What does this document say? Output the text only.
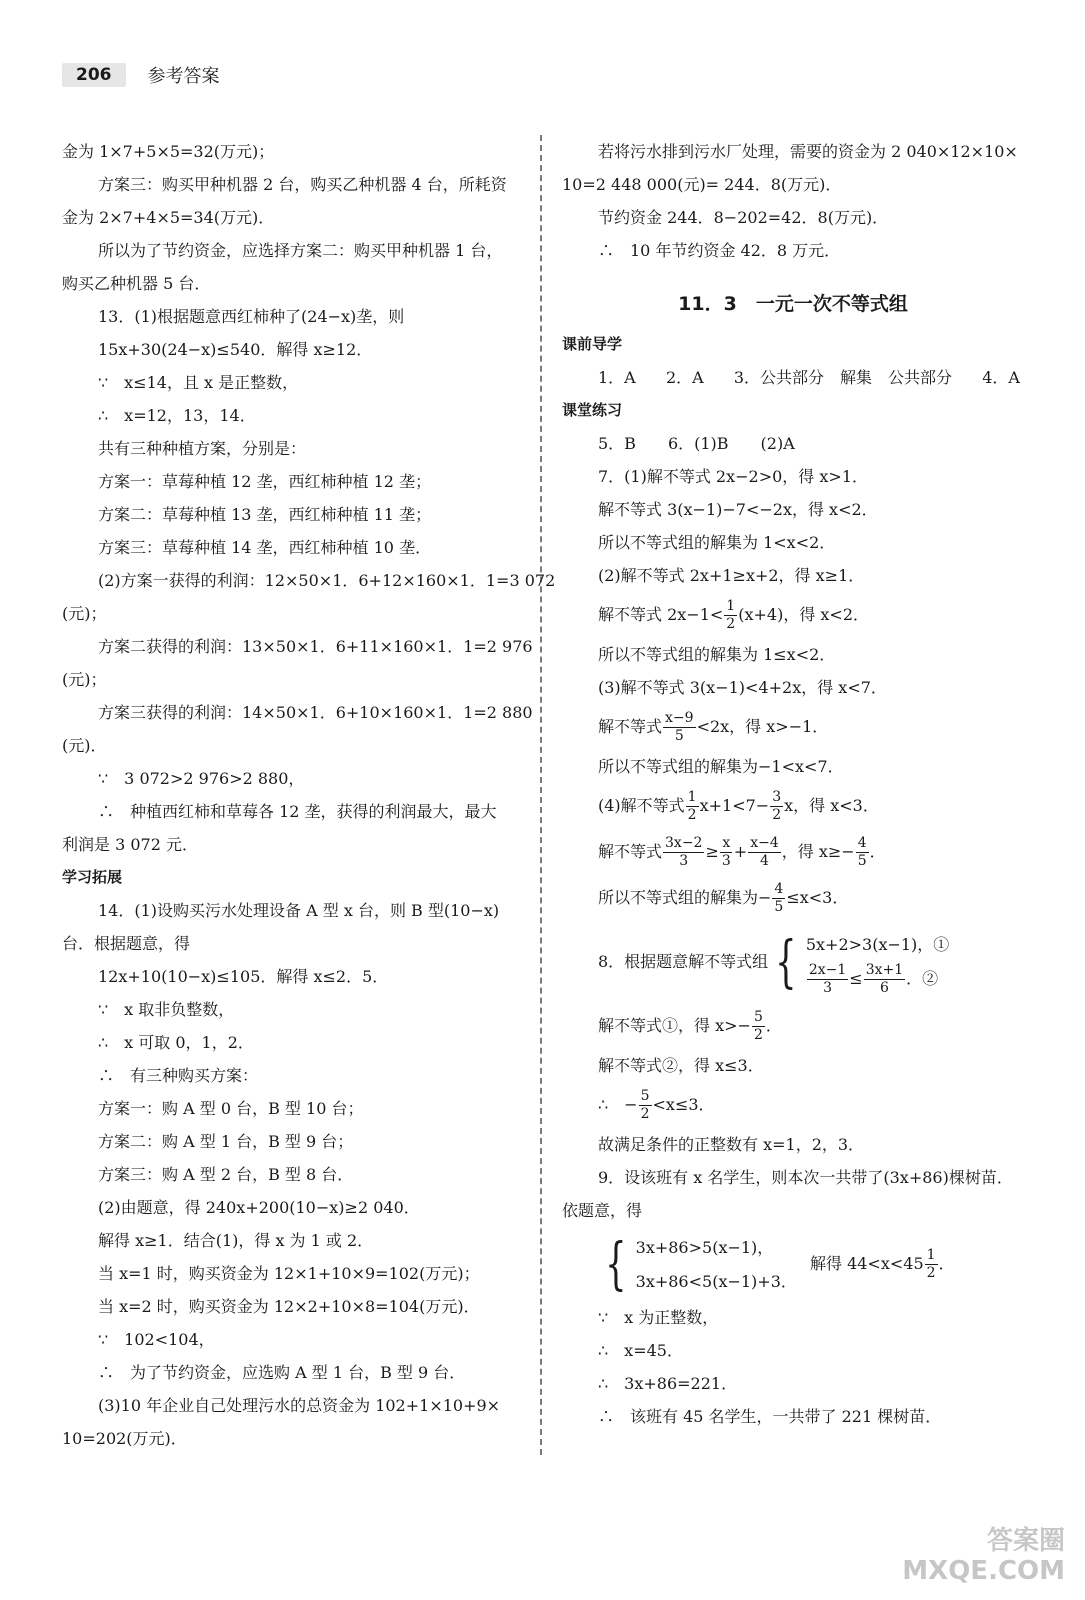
206	参考答案
金为 1×7+5×5=32(万元)；
方案三：购买甲种机器 2 台，购买乙种机器 4 台，所耗资
金为 2×7+4×5=34(万元)．
所以为了节约资金，应选择方案二：购买甲种机器 1 台，
购买乙种机器 5 台．
13．(1)根据题意西红柿种了(24−x)垄，则
15x+30(24−x)≤540．解得 x≥12．
∵　x≤14，且 x 是正整数，
∴　x=12，13，14．
共有三种种植方案，分别是：
方案一：草莓种植 12 垄，西红柿种植 12 垄；
方案二：草莓种植 13 垄，西红柿种植 11 垄；
方案三：草莓种植 14 垄，西红柿种植 10 垄．
(2)方案一获得的利润：12×50×1．6+12×160×1．1=3 072
(元)；
方案二获得的利润：13×50×1．6+11×160×1．1=2 976
(元)；
方案三获得的利润：14×50×1．6+10×160×1．1=2 880
(元)．
∵　3 072>2 976>2 880，
∴　种植西红柿和草莓各 12 垄，获得的利润最大，最大
利润是 3 072 元．
学习拓展
14．(1)设购买污水处理设备 A 型 x 台，则 B 型(10−x)
台．根据题意，得
12x+10(10−x)≤105．解得 x≤2．5．
∵　x 取非负整数，
∴　x 可取 0，1，2．
∴　有三种购买方案：
方案一：购 A 型 0 台，B 型 10 台；
方案二：购 A 型 1 台，B 型 9 台；
方案三：购 A 型 2 台，B 型 8 台．
(2)由题意，得 240x+200(10−x)≥2 040．
解得 x≥1．结合(1)，得 x 为 1 或 2．
当 x=1 时，购买资金为 12×1+10×9=102(万元)；
当 x=2 时，购买资金为 12×2+10×8=104(万元)．
∵　102<104，
∴　为了节约资金，应选购 A 型 1 台，B 型 9 台．
(3)10 年企业自己处理污水的总资金为 102+1×10+9×
10=202(万元)．
若将污水排到污水厂处理，需要的资金为 2 040×12×10×
10=2 448 000(元)= 244．8(万元)．
节约资金 244．8−202=42．8(万元)．
∴　10 年节约资金 42．8 万元．
11．3　一元一次不等式组
课前导学
1．A 2．A 3．公共部分　解集　公共部分 4．A
课堂练习
5．B　　6．(1)B　　(2)A
7．(1)解不等式 2x−2>0，得 x>1．
解不等式 3(x−1)−7<−2x，得 x<2．
所以不等式组的解集为 1<x<2．
(2)解不等式 2x+1≥x+2，得 x≥1．
解不等式 $2x-1< \frac{1}{2} (x+4)$，得 x<2．
所以不等式组的解集为 1≤x<2．
(3)解不等式 3(x−1)<4+2x，得 x<7．
解不等式 $\frac{x-9}{5} <2x$，得 x>−1．
所以不等式组的解集为−1<x<7．
(4)解不等式 $\frac{1}{2} x+1<7- \frac{3}{2}$ x，得 x<3．
解不等式 $\frac{3x-2}{3} \ge \frac{x}{3} + \frac{x-4}{4}$ ，得 $x\ge- \frac{4}{5}$ ．
所以不等式组的解集为− $\frac{4}{5} \le x<3$．
8．根据题意解不等式组 { 5x+2>3(x−1)，①
$\frac{2x-1}{3} \le \frac{3x+1}{6}$ ．②
解不等式①，得 $x>- \frac{5}{2}$ ．
解不等式②，得 x≤3．
∴　− $\frac{5}{2} <x\le 3$．
故满足条件的正整数有 x=1，2，3．
9．设该班有 x 名学生，则本次一共带了(3x+86)棵树苗．
依题意，得
{ 3x+86>5(x−1)，
3x+86<5(x−1)+3．
解得 $44<x<45 \frac{1}{2}$ ．
∵　x 为正整数，
∴　x=45．
∴　3x+86=221．
∴　该班有 45 名学生，一共带了 221 棵树苗．
答案圈
MXQE.COM
